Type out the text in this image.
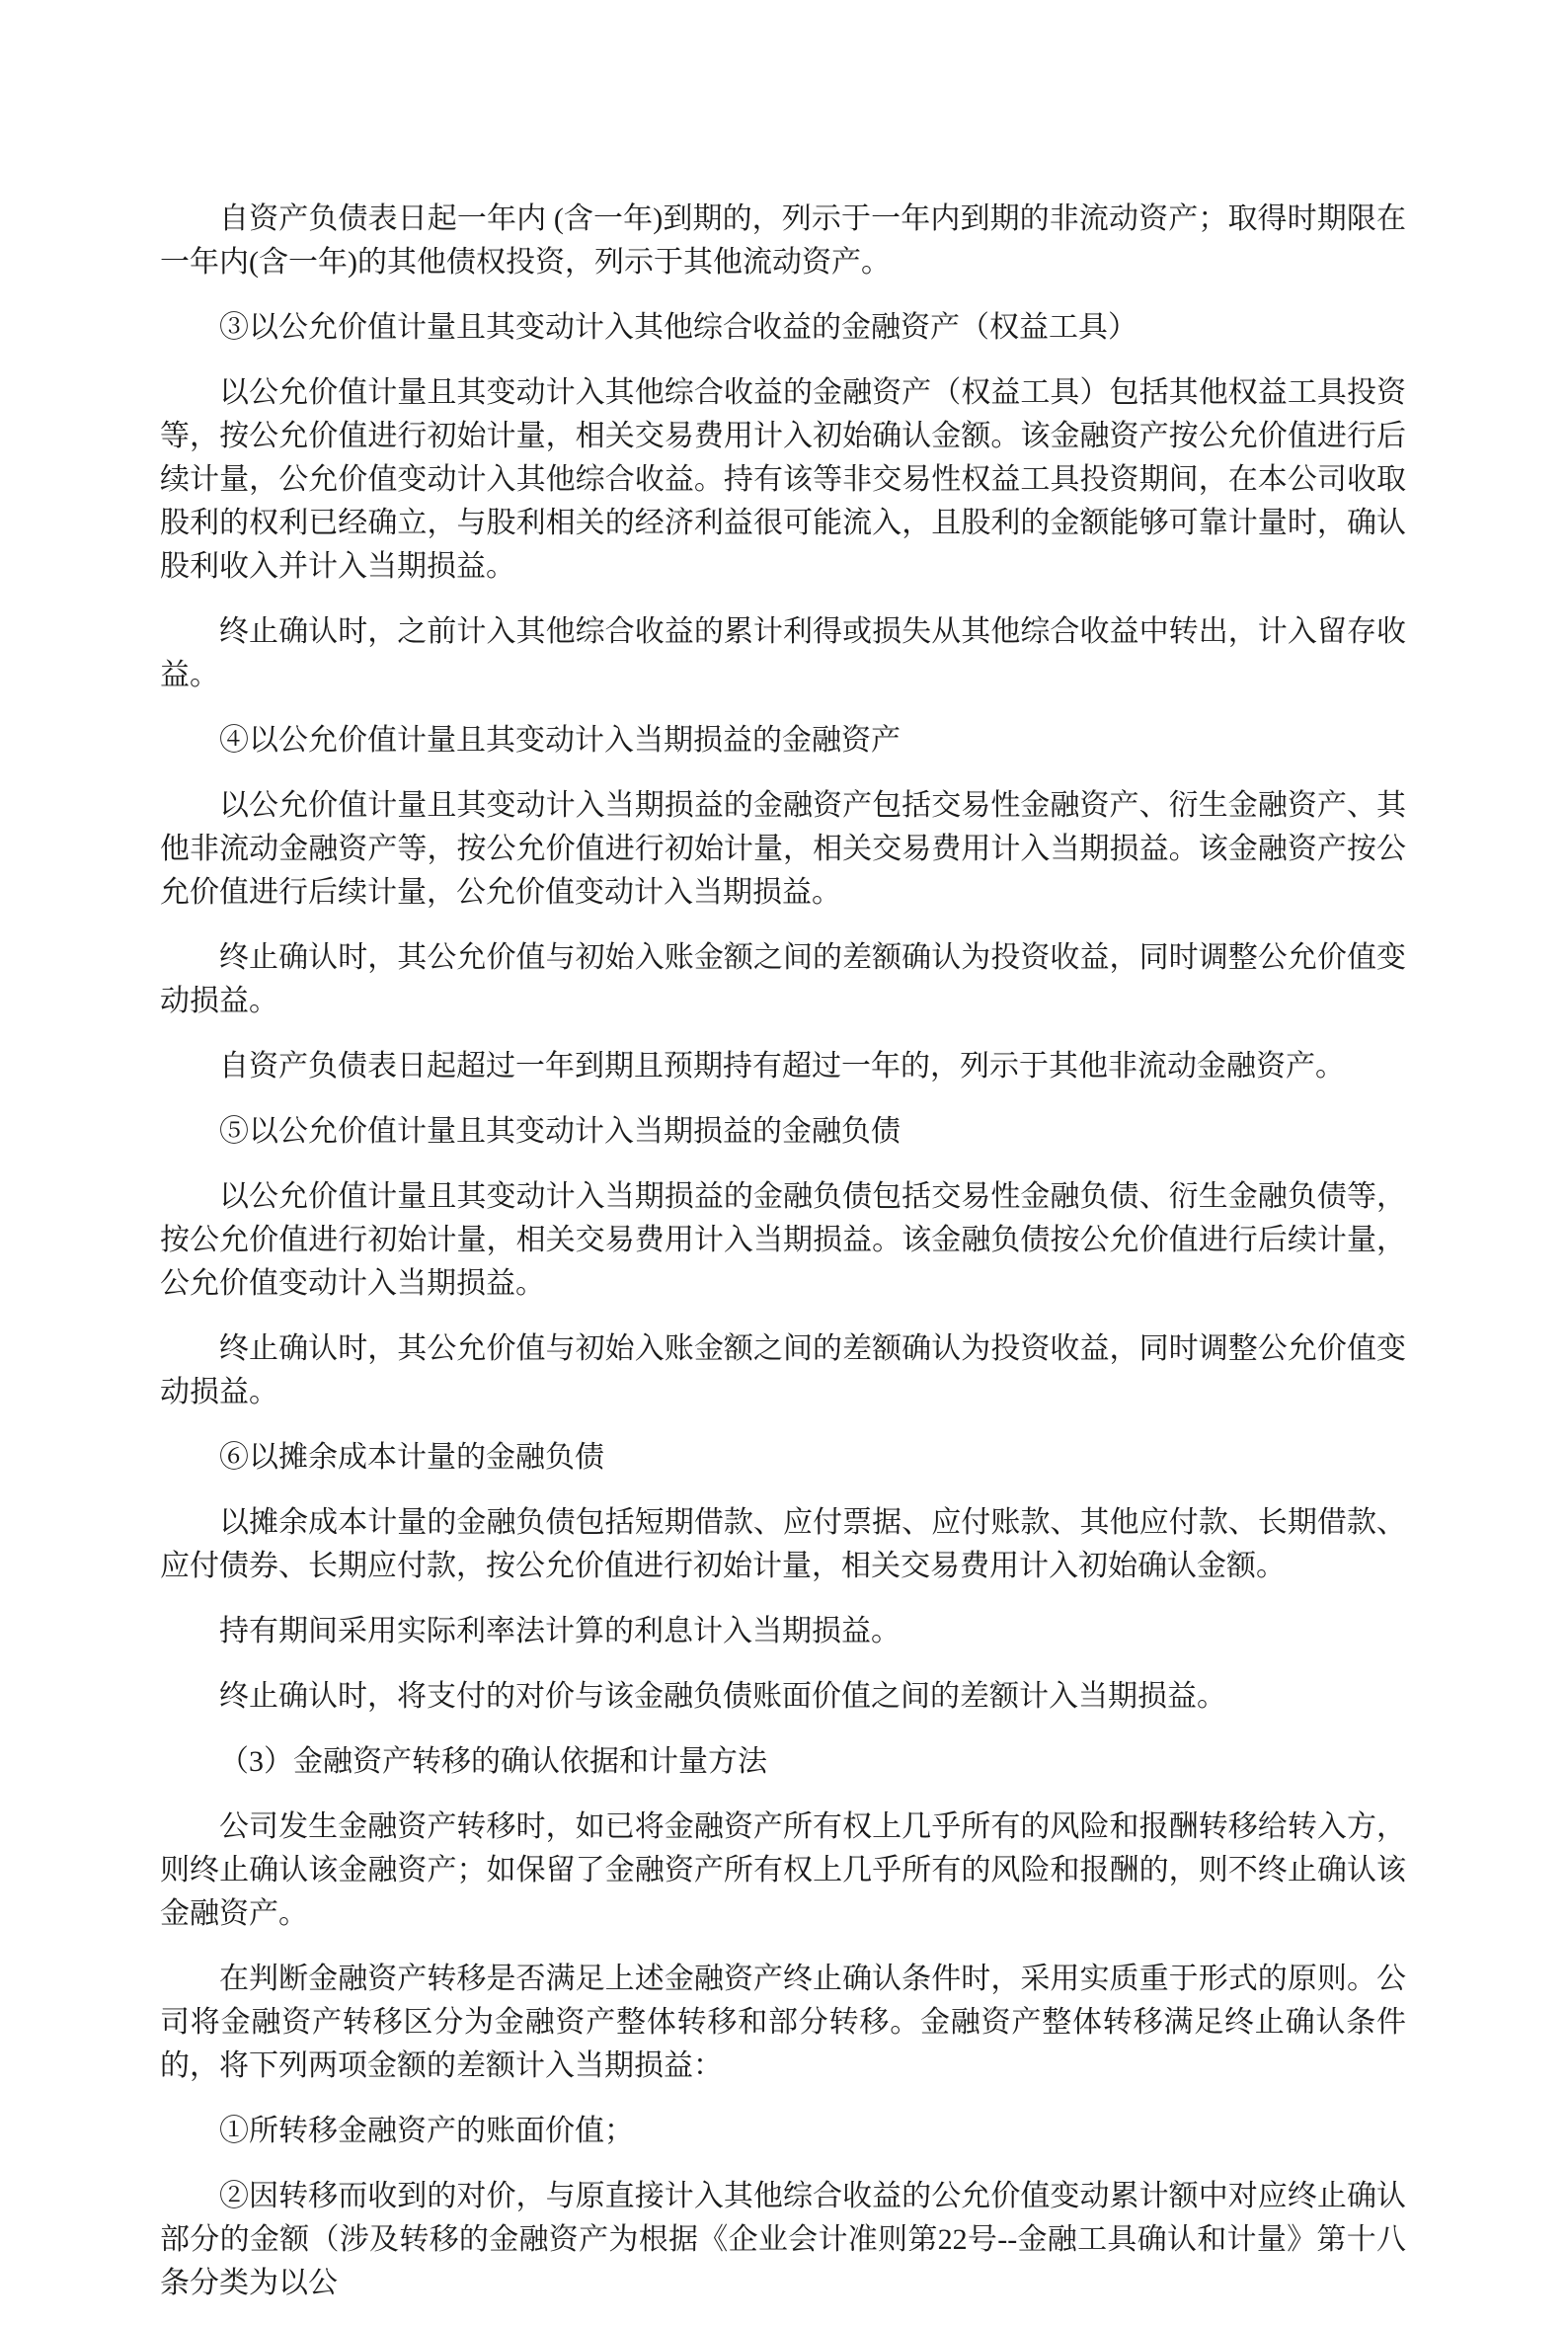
自资产负债表日起一年内 (含一年)到期的，列示于一年内到期的非流动资产；取得时期限在一年内(含一年)的其他债权投资，列示于其他流动资产。

③以公允价值计量且其变动计入其他综合收益的金融资产（权益工具）

以公允价值计量且其变动计入其他综合收益的金融资产（权益工具）包括其他权益工具投资等，按公允价值进行初始计量，相关交易费用计入初始确认金额。该金融资产按公允价值进行后续计量，公允价值变动计入其他综合收益。持有该等非交易性权益工具投资期间，在本公司收取股利的权利已经确立，与股利相关的经济利益很可能流入，且股利的金额能够可靠计量时，确认股利收入并计入当期损益。

终止确认时，之前计入其他综合收益的累计利得或损失从其他综合收益中转出，计入留存收益。

④以公允价值计量且其变动计入当期损益的金融资产

以公允价值计量且其变动计入当期损益的金融资产包括交易性金融资产、衍生金融资产、其他非流动金融资产等，按公允价值进行初始计量，相关交易费用计入当期损益。该金融资产按公允价值进行后续计量，公允价值变动计入当期损益。

终止确认时，其公允价值与初始入账金额之间的差额确认为投资收益，同时调整公允价值变动损益。

自资产负债表日起超过一年到期且预期持有超过一年的，列示于其他非流动金融资产。

⑤以公允价值计量且其变动计入当期损益的金融负债

以公允价值计量且其变动计入当期损益的金融负债包括交易性金融负债、衍生金融负债等，按公允价值进行初始计量，相关交易费用计入当期损益。该金融负债按公允价值进行后续计量，公允价值变动计入当期损益。

终止确认时，其公允价值与初始入账金额之间的差额确认为投资收益，同时调整公允价值变动损益。

⑥以摊余成本计量的金融负债

以摊余成本计量的金融负债包括短期借款、应付票据、应付账款、其他应付款、长期借款、应付债券、长期应付款，按公允价值进行初始计量，相关交易费用计入初始确认金额。

持有期间采用实际利率法计算的利息计入当期损益。

终止确认时，将支付的对价与该金融负债账面价值之间的差额计入当期损益。

（3）金融资产转移的确认依据和计量方法

公司发生金融资产转移时，如已将金融资产所有权上几乎所有的风险和报酬转移给转入方，则终止确认该金融资产；如保留了金融资产所有权上几乎所有的风险和报酬的，则不终止确认该金融资产。

在判断金融资产转移是否满足上述金融资产终止确认条件时，采用实质重于形式的原则。公司将金融资产转移区分为金融资产整体转移和部分转移。金融资产整体转移满足终止确认条件的，将下列两项金额的差额计入当期损益：

①所转移金融资产的账面价值；

②因转移而收到的对价，与原直接计入其他综合收益的公允价值变动累计额中对应终止确认部分的金额（涉及转移的金融资产为根据《企业会计准则第22号--金融工具确认和计量》第十八条分类为以公
